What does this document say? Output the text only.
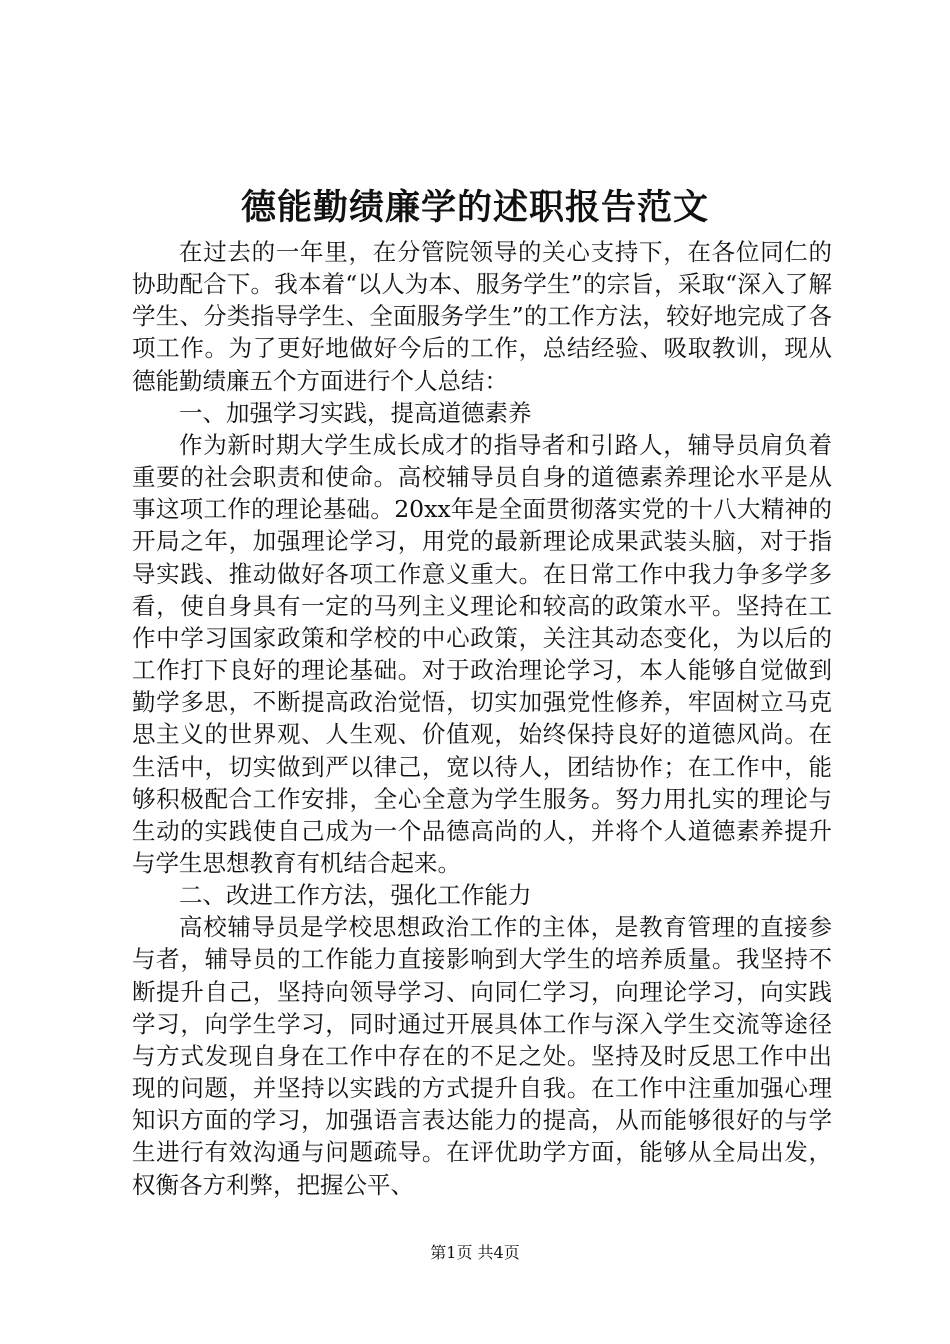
德能勤绩廉学的述职报告范文

在过去的一年里，在分管院领导的关心支持下，在各位同仁的协助配合下。我本着“以人为本、服务学生”的宗旨，采取“深入了解学生、分类指导学生、全面服务学生”的工作方法，较好地完成了各项工作。为了更好地做好今后的工作，总结经验、吸取教训，现从德能勤绩廉五个方面进行个人总结：

一、加强学习实践，提高道德素养

作为新时期大学生成长成才的指导者和引路人，辅导员肩负着重要的社会职责和使命。高校辅导员自身的道德素养理论水平是从事这项工作的理论基础。20xx年是全面贯彻落实党的十八大精神的开局之年，加强理论学习，用党的最新理论成果武装头脑，对于指导实践、推动做好各项工作意义重大。在日常工作中我力争多学多看，使自身具有一定的马列主义理论和较高的政策水平。坚持在工作中学习国家政策和学校的中心政策，关注其动态变化，为以后的工作打下良好的理论基础。对于政治理论学习，本人能够自觉做到勤学多思，不断提高政治觉悟，切实加强党性修养，牢固树立马克思主义的世界观、人生观、价值观，始终保持良好的道德风尚。在生活中，切实做到严以律己，宽以待人，团结协作；在工作中，能够积极配合工作安排，全心全意为学生服务。努力用扎实的理论与生动的实践使自己成为一个品德高尚的人，并将个人道德素养提升与学生思想教育有机结合起来。

二、改进工作方法，强化工作能力

高校辅导员是学校思想政治工作的主体，是教育管理的直接参与者，辅导员的工作能力直接影响到大学生的培养质量。我坚持不断提升自己，坚持向领导学习、向同仁学习，向理论学习，向实践学习，向学生学习，同时通过开展具体工作与深入学生交流等途径与方式发现自身在工作中存在的不足之处。坚持及时反思工作中出现的问题，并坚持以实践的方式提升自我。在工作中注重加强心理知识方面的学习，加强语言表达能力的提高，从而能够很好的与学生进行有效沟通与问题疏导。在评优助学方面，能够从全局出发，权衡各方利弊，把握公平、

第1页 共4页
